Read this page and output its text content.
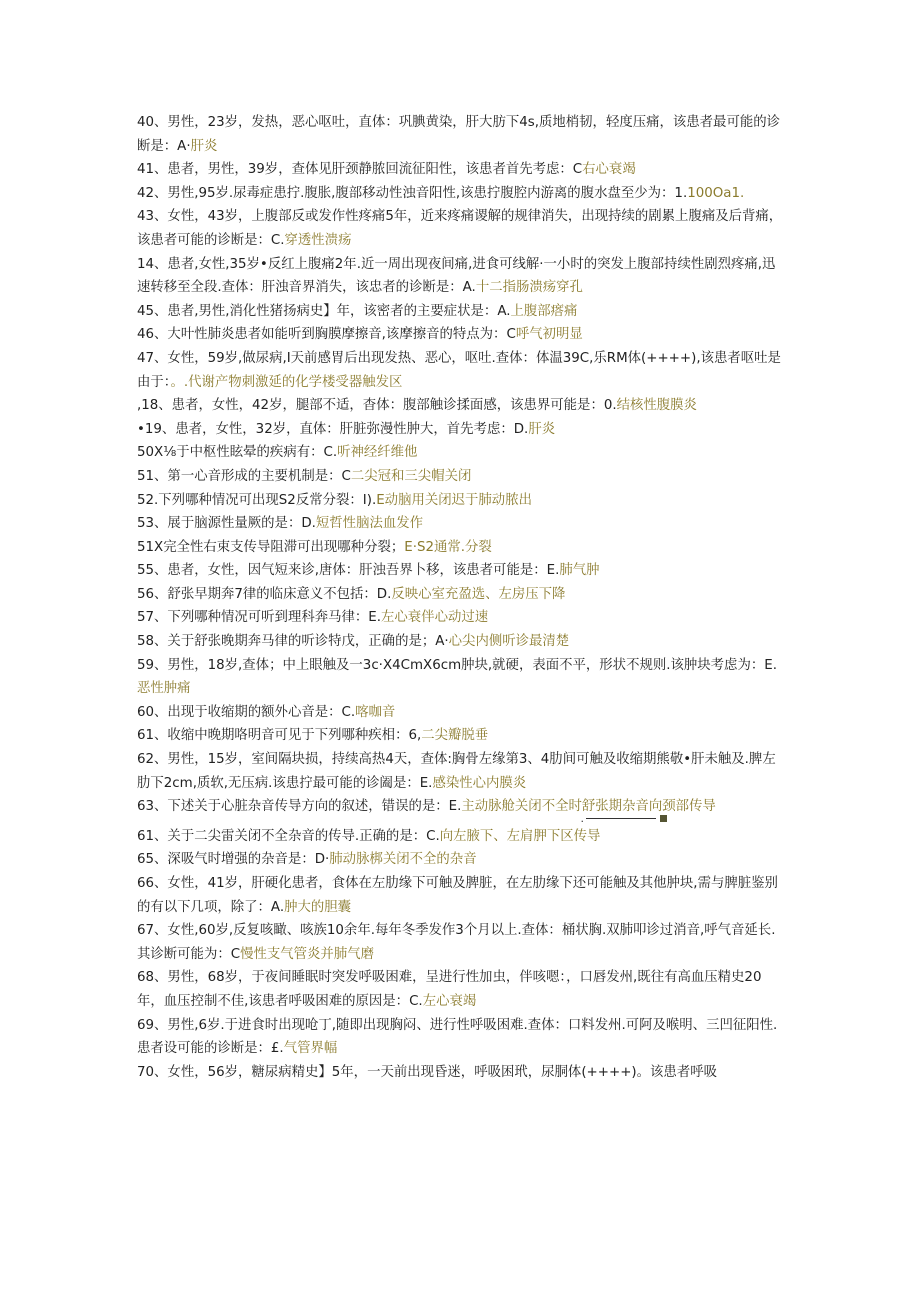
40、男性，23岁，发热，恶心呕吐，直体：巩腆黄染，肝大肪下4s,质地梢韧，轻度压痛，该患者最可能的诊断是：A·肝炎

41、患者，男性，39岁，查体见肝颈静脓回流征阳性，该患者首先考虑：C右心衰竭

42、男性,95岁.尿毒症患拧.腹胀,腹部移动性浊音阳性,该患拧腹腔内游离的腹水盘至少为：1.100Oa1.

43、女性，43岁，上腹部反或发作性疼痛5年，近来疼痛谡解的规律消失，出现持续的剧累上腹痛及后背痛，该患者可能的诊断是：C.穿透性溃疡

14、患者,女性,35岁•反红上腹痛2年.近一周出现夜间痛,进食可线解·一小时的突发上腹部持续性剧烈疼痛,迅速转移至全段.查体：肝浊音界消失，该忠者的诊断是：A.十二指肠溃疡穿孔

45、患者,男性,消化性猪扬病史】年，该密者的主要症状是：A.上腹部瘩痛

46、大叶性肺炎患者如能听到胸膜摩擦音,该摩擦音的特点为：C呼气初明显

47、女性，59岁,做尿病,I天前感胃后出现发热、恶心，呕吐.查体：体温39C,乐RM体(++++),该患者呕吐是由于：。.代谢产物刺激延的化学楼受器触发区

,18、患者，女性，42岁，腿部不适，杳体：腹部触诊揉面感，该患界可能是：0.结核性腹膜炎

•19、患者，女性，32岁，直体：肝脏弥漫性肿大，首先考虑：D.肝炎

50X⅛于中枢性眩晕的疾病有：C.听神经纤维他

51、第一心音形成的主要机制是：C二尖冠和三尖帽关闭

52.下列哪种情况可出现S2反常分裂：I).E动脑用关闭迟于肺动脓出

53、展于脑源性量厥的是：D.短哲性脑法血发作

51X完全性右束支传导阻滞可出现哪种分裂；E·S2通常.分裂

55、患者，女性，因气短来诊,唐体：肝浊吾界卜移，该患者可能是：E.肺气肿

56、舒张早期奔7律的临床意义不包括：D.反映心室充盈选、左房压下降

57、下列哪种情况可听到理科奔马律：E.左心衰伴心动过速

58、关于舒张晚期奔马律的听诊特戊，正确的是；A·心尖内侧听诊最清楚

59、男性，18岁,查体；中上眼触及一3c·X4CmX6cm肿块,就硬，表面不平，形状不规则.该肿块考虑为：E.恶性肿痛

60、出现于收缩期的额外心音是：C.喀咖音

61、收缩中晚期咯明音可见于下列哪种疾相：6,二尖瓣脱垂

62、男性，15岁，室间隔块损，持续高热4天，查体:胸骨左缘第3、4肋间可触及收缩期熊敬•肝未触及.脾左肋下2cm,质软,无压病.该患拧最可能的诊阖是：E.感染性心内膜炎

63、下述关于心脏杂音传导方向的叙述，错误的是：E.主动脉舱关闭不全时舒张期杂音向颈部传导

.

61、关于二尖雷关闭不全杂音的传导.正确的是：C.向左腋下、左肩胛下区传导

65、深吸气时增强的杂音是：D·肺动脉梆关闭不全的杂音

66、女性，41岁，肝硬化患者，食体在左肋缘下可触及脾脏，在左肋缘下还可能触及其他肿块,需与脾脏鉴别的有以下几项，除了：A.肿大的胆囊

67、女性,60岁,反复咳瞰、咳族10余年.每年冬季发作3个月以上.查体：桶状胸.双肺叩诊过消音,呼气音延长.其诊断可能为：C慢性支气管炎并肺气磨

68、男性，68岁，于夜间睡眠时突发呼吸困难，呈进行性加虫，伴咳嗯：，口唇发州,既往有高血压精史20年，血压控制不佳,该患者呼吸困难的原因是：C.左心衰竭

69、男性,6岁.于进食时出现呛丁,随即出现胸闷、进行性呼吸困难.查体：口料发州.可阿及喉明、三凹征阳性.患者设可能的诊断是：£.气管界幅

70、女性，56岁，糖尿病精史】5年，一天前出现昏迷，呼吸困玳，尿胴体(++++)。该患者呼吸
